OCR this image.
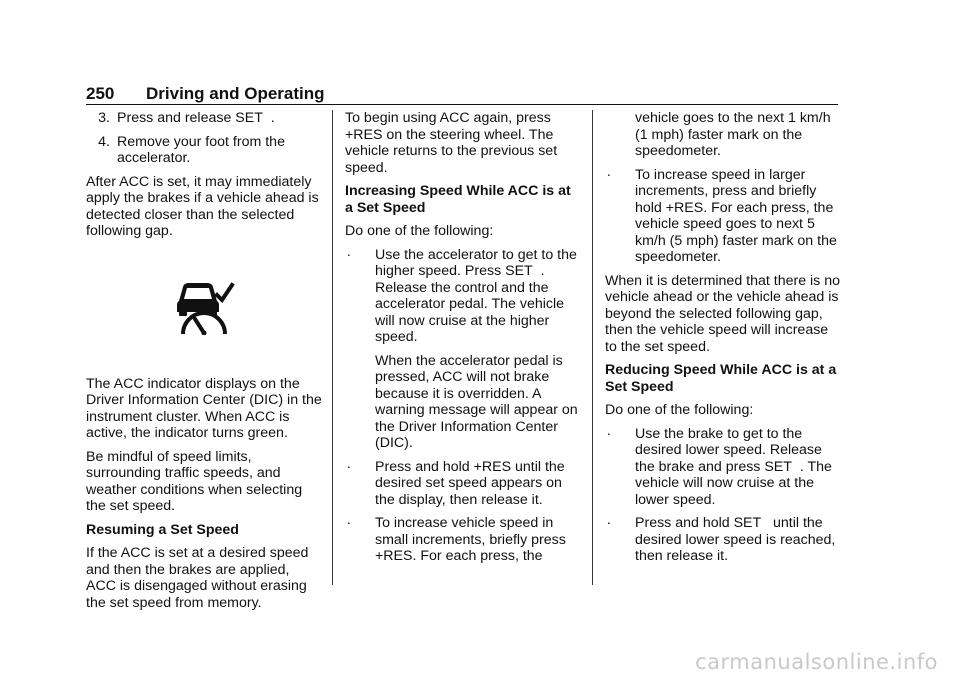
250 Driving and Operating
3. Press and release SET  .
4. Remove your foot from the accelerator.

After ACC is set, it may immediately apply the brakes if a vehicle ahead is detected closer than the selected following gap.

The ACC indicator displays on the Driver Information Center (DIC) in the instrument cluster. When ACC is active, the indicator turns green.

Be mindful of speed limits, surrounding traffic speeds, and weather conditions when selecting the set speed.

Resuming a Set Speed

If the ACC is set at a desired speed and then the brakes are applied, ACC is disengaged without erasing the set speed from memory.

To begin using ACC again, press +RES on the steering wheel. The vehicle returns to the previous set speed.

Increasing Speed While ACC is at a Set Speed

Do one of the following:

∙ Use the accelerator to get to the higher speed. Press SET  . Release the control and the accelerator pedal. The vehicle will now cruise at the higher speed.
When the accelerator pedal is pressed, ACC will not brake because it is overridden. A warning message will appear on the Driver Information Center (DIC).
∙ Press and hold +RES until the desired set speed appears on the display, then release it.
∙ To increase vehicle speed in small increments, briefly press +RES. For each press, the
vehicle goes to the next 1 km/h (1 mph) faster mark on the speedometer.
∙ To increase speed in larger increments, press and briefly hold +RES. For each press, the vehicle speed goes to next 5 km/h (5 mph) faster mark on the speedometer.

When it is determined that there is no vehicle ahead or the vehicle ahead is beyond the selected following gap, then the vehicle speed will increase to the set speed.

Reducing Speed While ACC is at a Set Speed

Do one of the following:

∙ Use the brake to get to the desired lower speed. Release the brake and press SET  . The vehicle will now cruise at the lower speed.
∙ Press and hold SET   until the desired lower speed is reached, then release it.
carmanualsonline.info
